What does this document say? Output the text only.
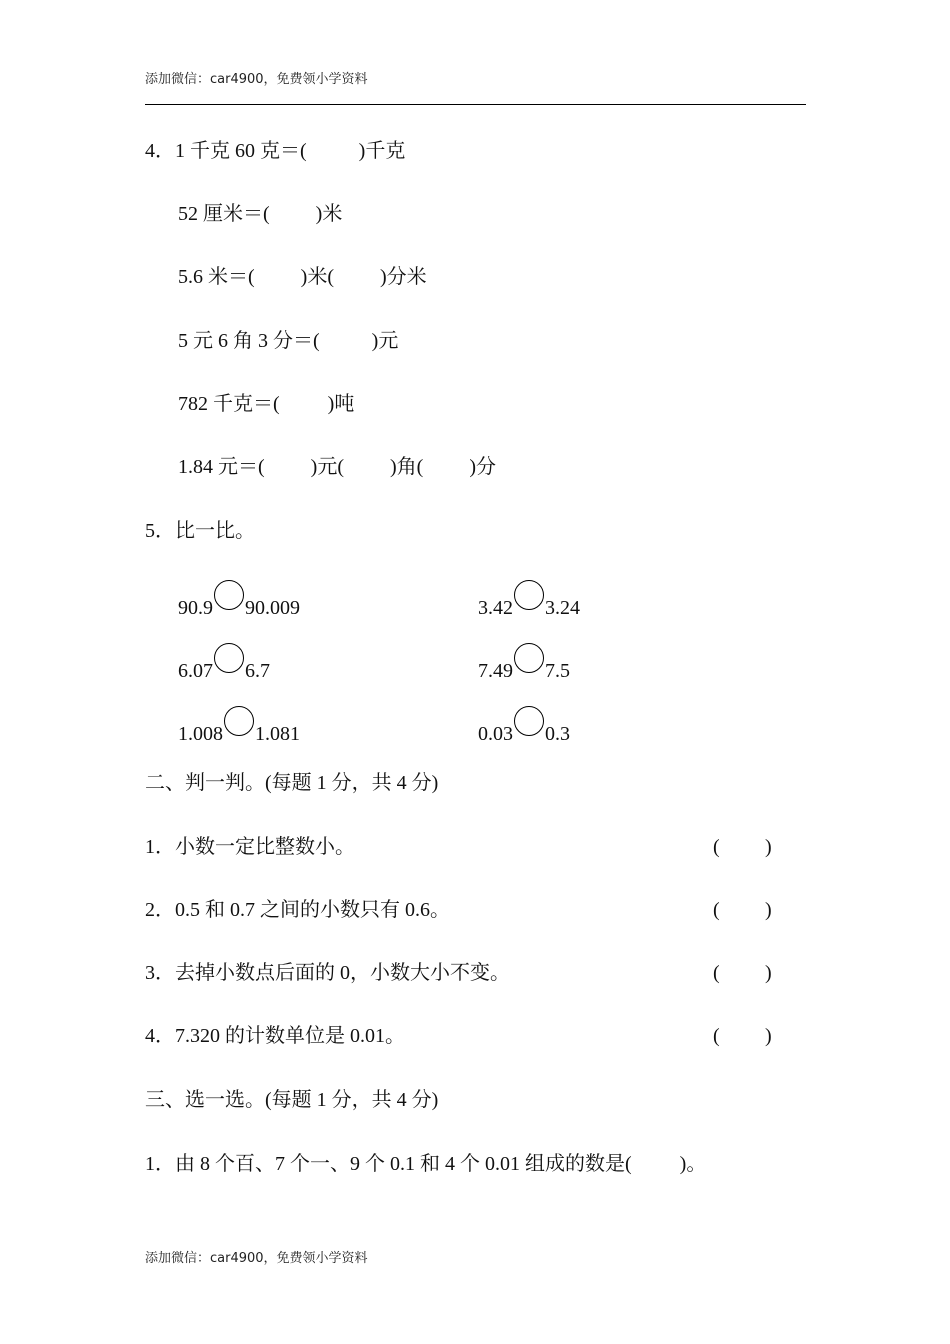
添加微信：car4900，免费领小学资料
4．1 千克 60 克＝(	)千克
52 厘米＝( )米
5.6 米＝( )米( )分米
5 元 6 角 3 分＝(	)元
782 千克＝( )吨
1.84 元＝( )元( )角( )分
5．比一比。
90.9 90.009	3.42 3.24
6.07 6.7	7.49 7.5
1.008 1.081	0.03 0.3
二、判一判。(每题 1 分，共 4 分)
1．小数一定比整数小。	( )
2．0.5 和 0.7 之间的小数只有 0.6。	( )
3．去掉小数点后面的 0，小数大小不变。	( )
4．7.320 的计数单位是 0.01。	( )
三、选一选。(每题 1 分，共 4 分)
1．由 8 个百、7 个一、9 个 0.1 和 4 个 0.01 组成的数是( )。
添加微信：car4900，免费领小学资料
